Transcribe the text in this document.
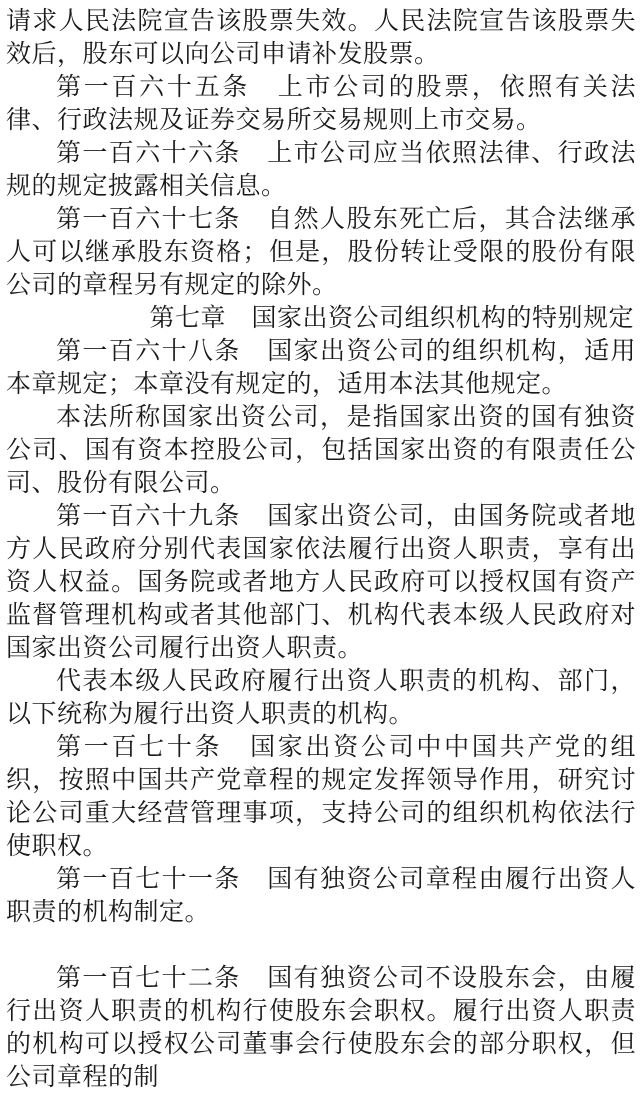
请求人民法院宣告该股票失效。人民法院宣告该股票失效后，股东可以向公司申请补发股票。

第一百六十五条　上市公司的股票，依照有关法律、行政法规及证券交易所交易规则上市交易。

第一百六十六条　上市公司应当依照法律、行政法规的规定披露相关信息。

第一百六十七条　自然人股东死亡后，其合法继承人可以继承股东资格；但是，股份转让受限的股份有限公司的章程另有规定的除外。

第七章　国家出资公司组织机构的特别规定

第一百六十八条　国家出资公司的组织机构，适用本章规定；本章没有规定的，适用本法其他规定。

本法所称国家出资公司，是指国家出资的国有独资公司、国有资本控股公司，包括国家出资的有限责任公司、股份有限公司。

第一百六十九条　国家出资公司，由国务院或者地方人民政府分别代表国家依法履行出资人职责，享有出资人权益。国务院或者地方人民政府可以授权国有资产监督管理机构或者其他部门、机构代表本级人民政府对国家出资公司履行出资人职责。

代表本级人民政府履行出资人职责的机构、部门，以下统称为履行出资人职责的机构。

第一百七十条　国家出资公司中中国共产党的组织，按照中国共产党章程的规定发挥领导作用，研究讨论公司重大经营管理事项，支持公司的组织机构依法行使职权。

第一百七十一条　国有独资公司章程由履行出资人职责的机构制定。

第一百七十二条　国有独资公司不设股东会，由履行出资人职责的机构行使股东会职权。履行出资人职责的机构可以授权公司董事会行使股东会的部分职权，但公司章程的制
